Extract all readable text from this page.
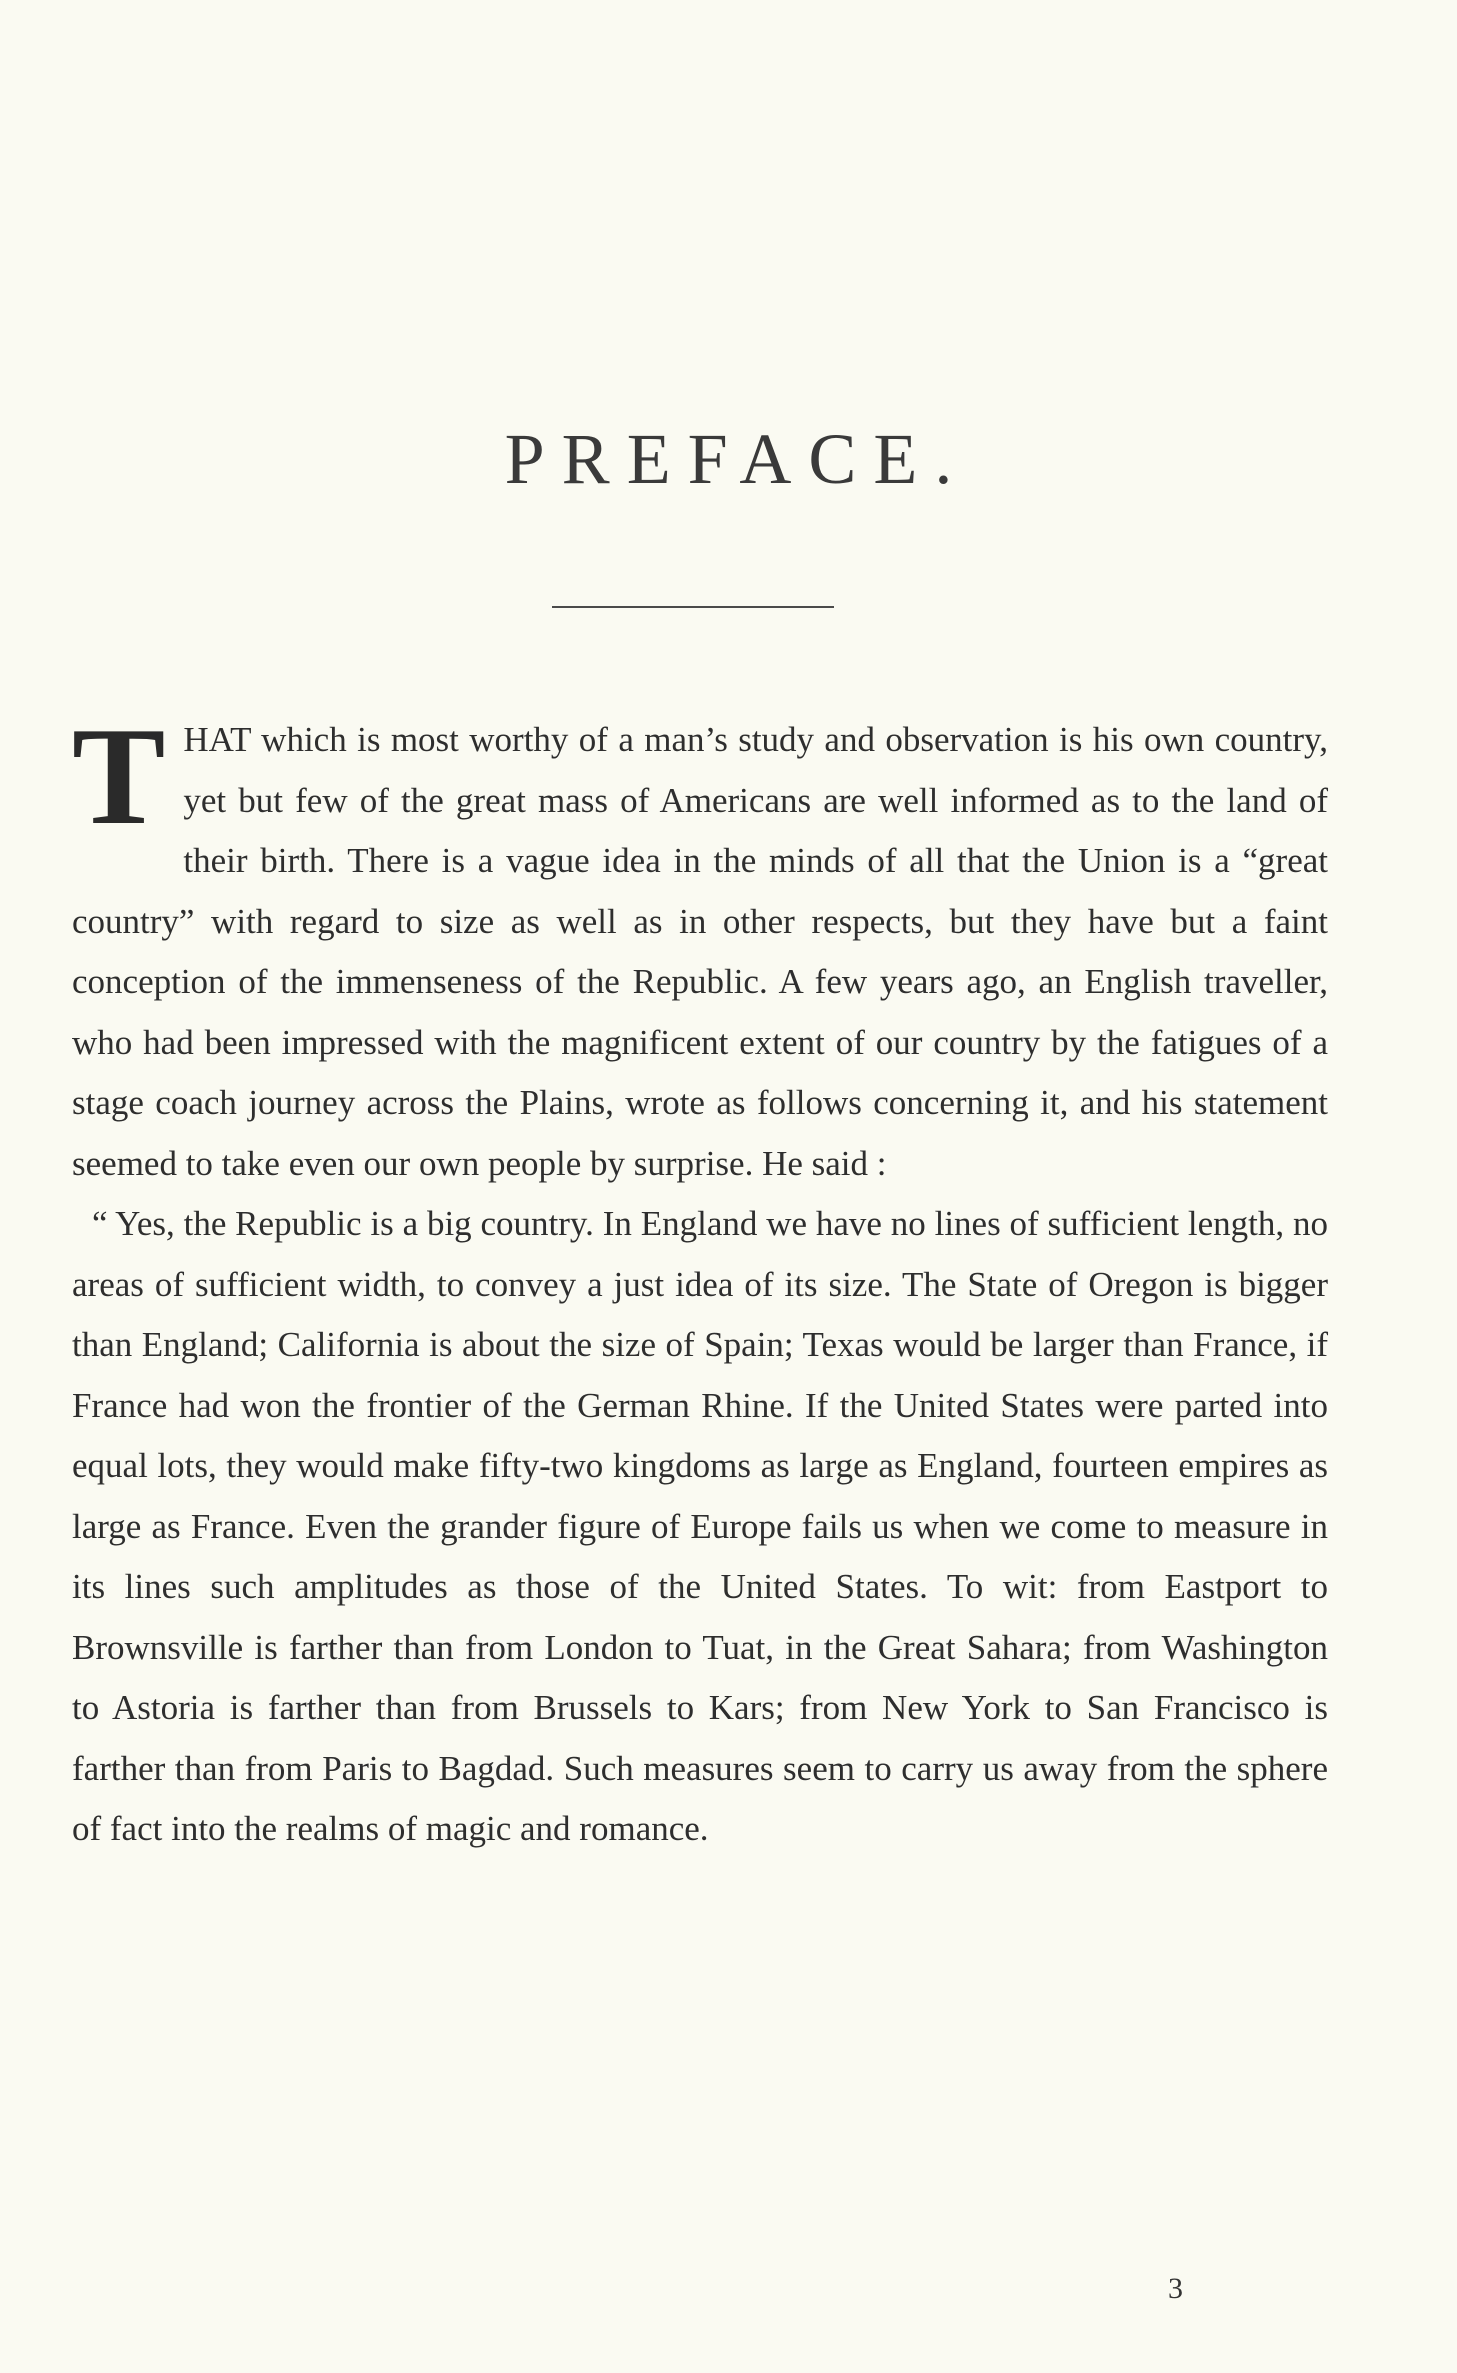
PREFACE.

THAT which is most worthy of a man’s study and observation is his own country, yet but few of the great mass of Americans are well informed as to the land of their birth. There is a vague idea in the minds of all that the Union is a “great country” with regard to size as well as in other respects, but they have but a faint conception of the immenseness of the Republic. A few years ago, an English traveller, who had been impressed with the magnificent extent of our country by the fatigues of a stage coach journey across the Plains, wrote as follows concerning it, and his statement seemed to take even our own people by surprise. He said :

“ Yes, the Republic is a big country. In England we have no lines of sufficient length, no areas of sufficient width, to convey a just idea of its size. The State of Oregon is bigger than England; California is about the size of Spain; Texas would be larger than France, if France had won the frontier of the German Rhine. If the United States were parted into equal lots, they would make fifty-two kingdoms as large as England, fourteen empires as large as France. Even the grander figure of Europe fails us when we come to measure in its lines such amplitudes as those of the United States. To wit: from Eastport to Brownsville is farther than from London to Tuat, in the Great Sahara; from Washington to Astoria is farther than from Brussels to Kars; from New York to San Francisco is farther than from Paris to Bagdad. Such measures seem to carry us away from the sphere of fact into the realms of magic and romance.

3
